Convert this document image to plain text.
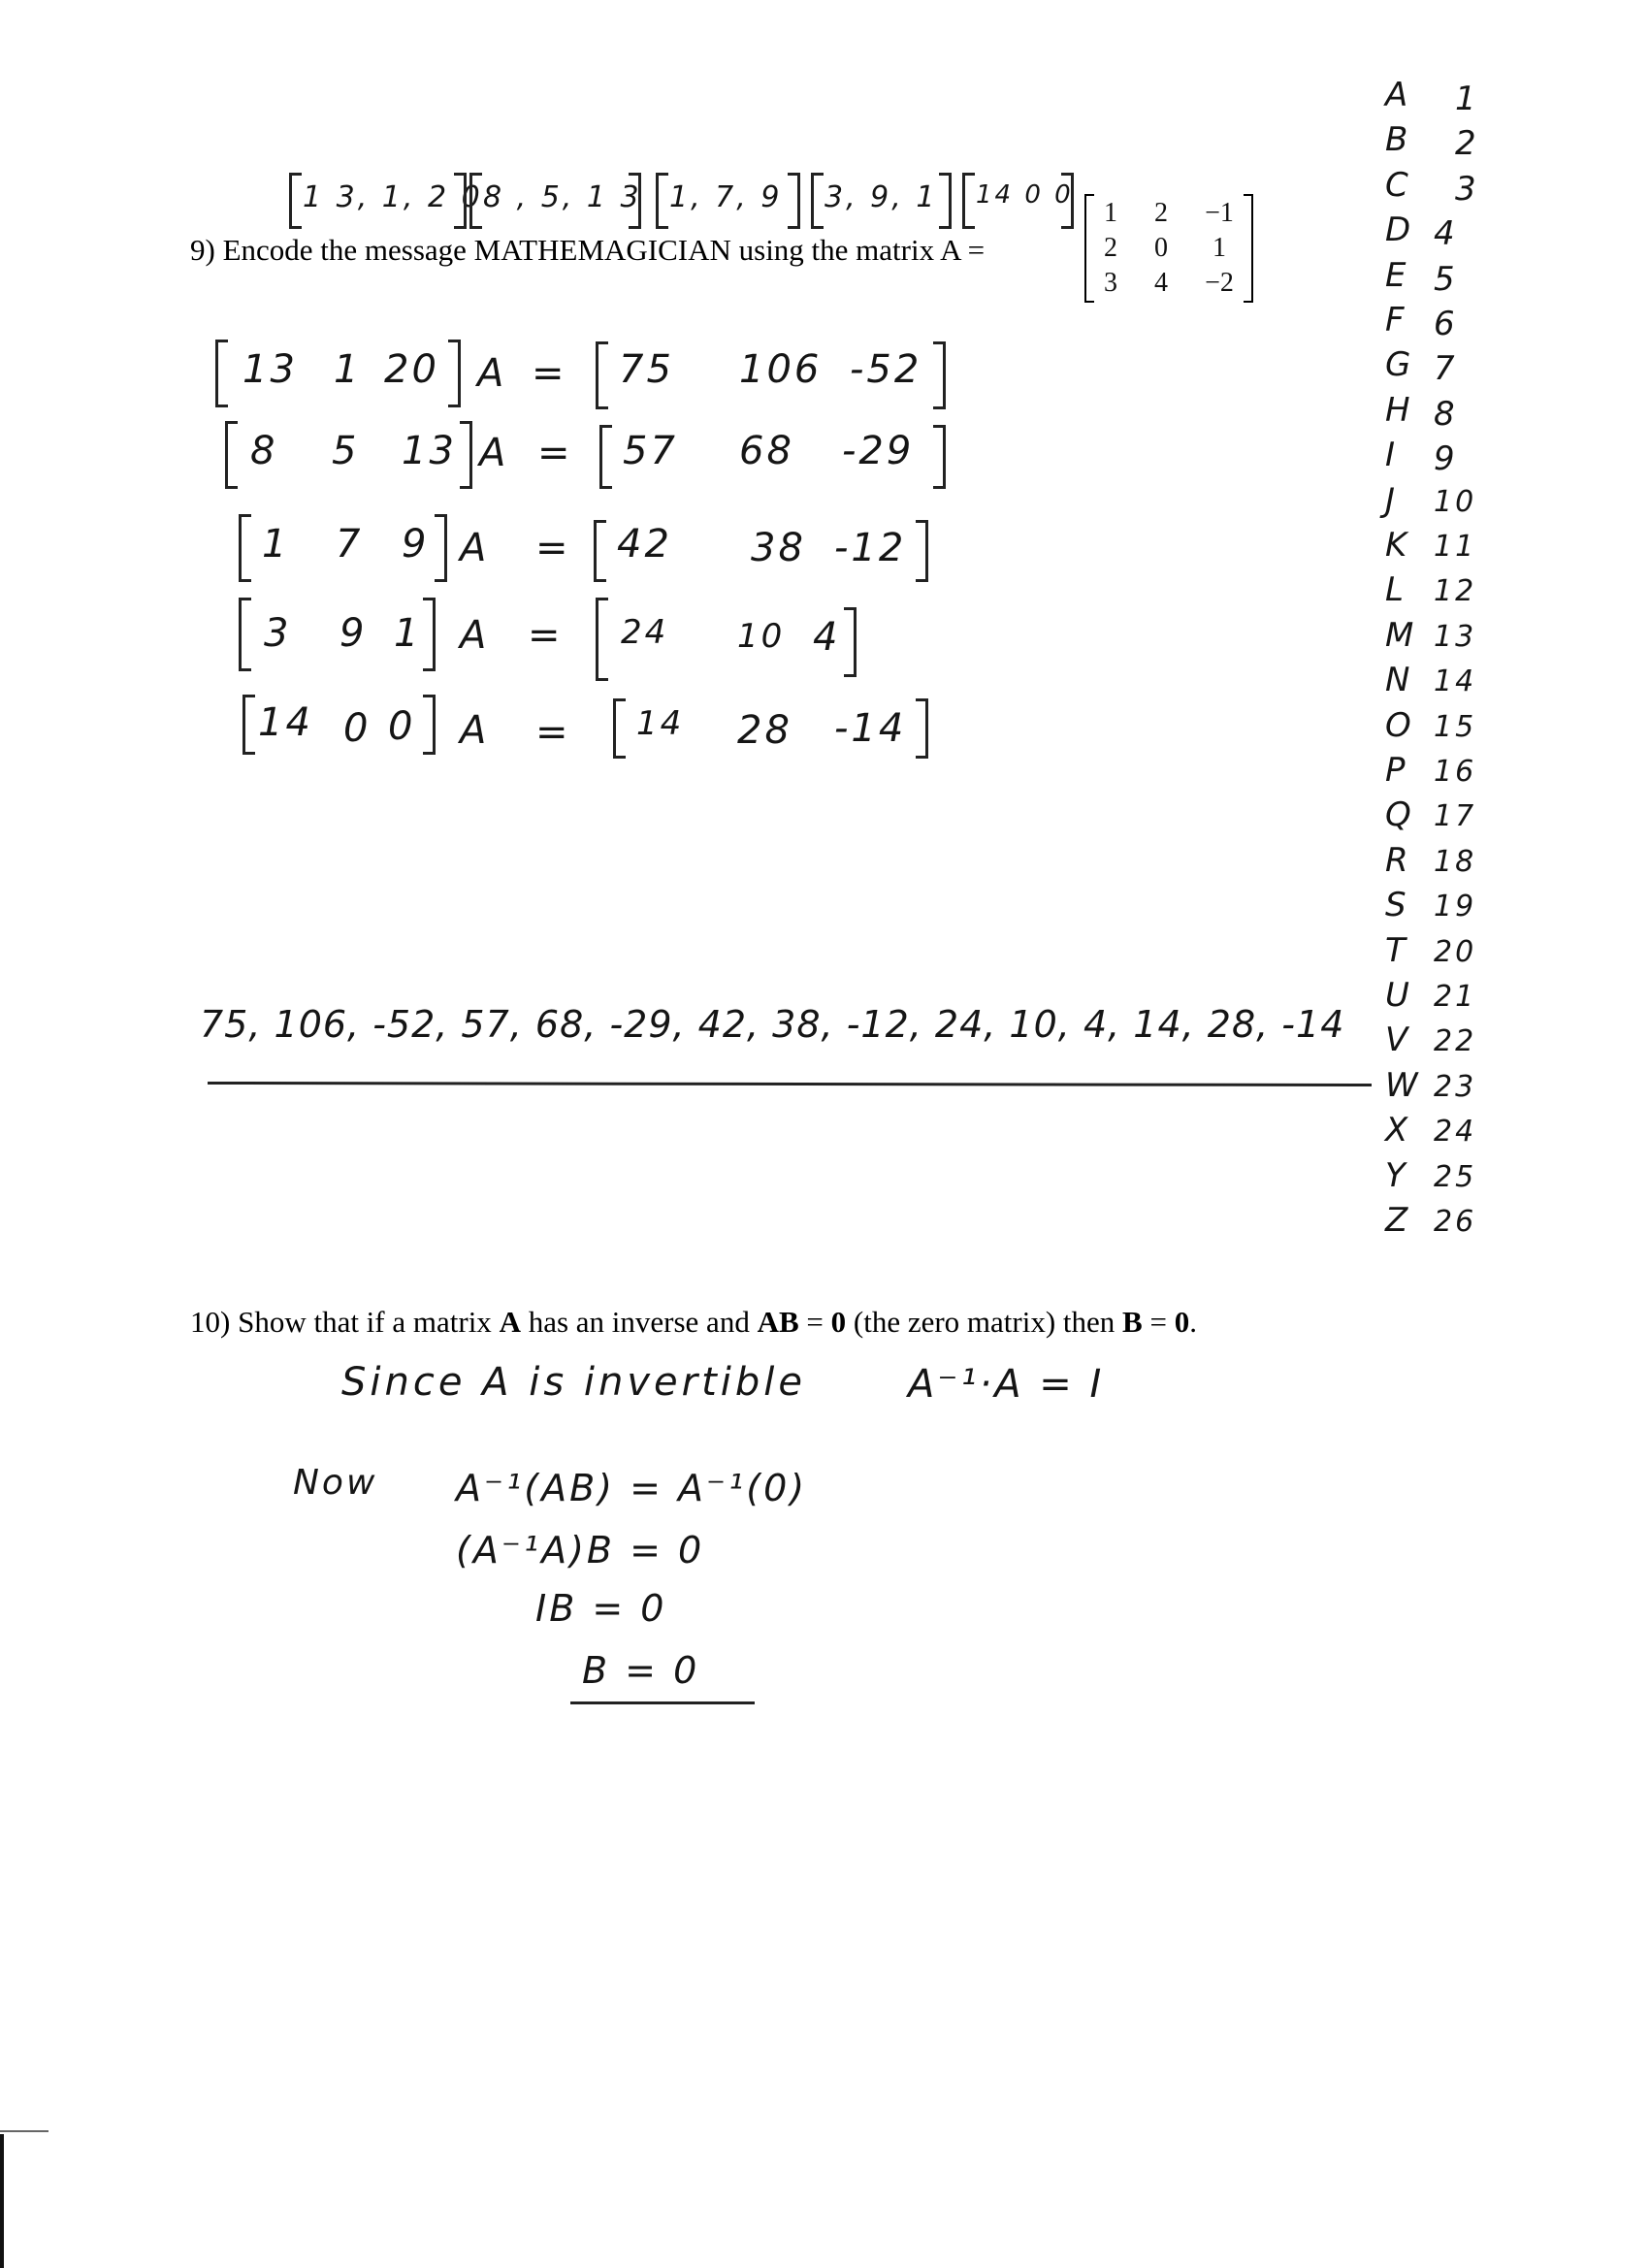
9) Encode the message MATHEMAGICIAN using the matrix A =
1	2	−1
2	0	1
3	4	−2
1 3, 1, 2 0 8 , 5, 1 3 1, 7, 9 3, 9, 1 14 0 0
13 1 20 A = 75 106 -52
8 5 13 A = 57 68 -29
1 7 9 A = 42 38 -12
3 9 1 A = 24 10 4
14 0 0 A = 14 28 -14
75, 106, -52, 57, 68, -29, 42, 38, -12, 24, 10, 4, 14, 28, -14
A 1
B 2
C 3
D 4
E 5
F 6
G 7
H 8
I 9
J 10
K 11
L 12
M 13
N 14
O 15
P 16
Q 17
R 18
S 19
T 20
U 21
V 22
W 23
X 24
Y 25
Z 26
10) Show that if a matrix A has an inverse and AB = 0 (the zero matrix) then B = 0.
Since A is invertible	A⁻¹·A = I
Now A⁻¹(AB) = A⁻¹(0)
(A⁻¹A)B = 0
IB = 0
B = 0
